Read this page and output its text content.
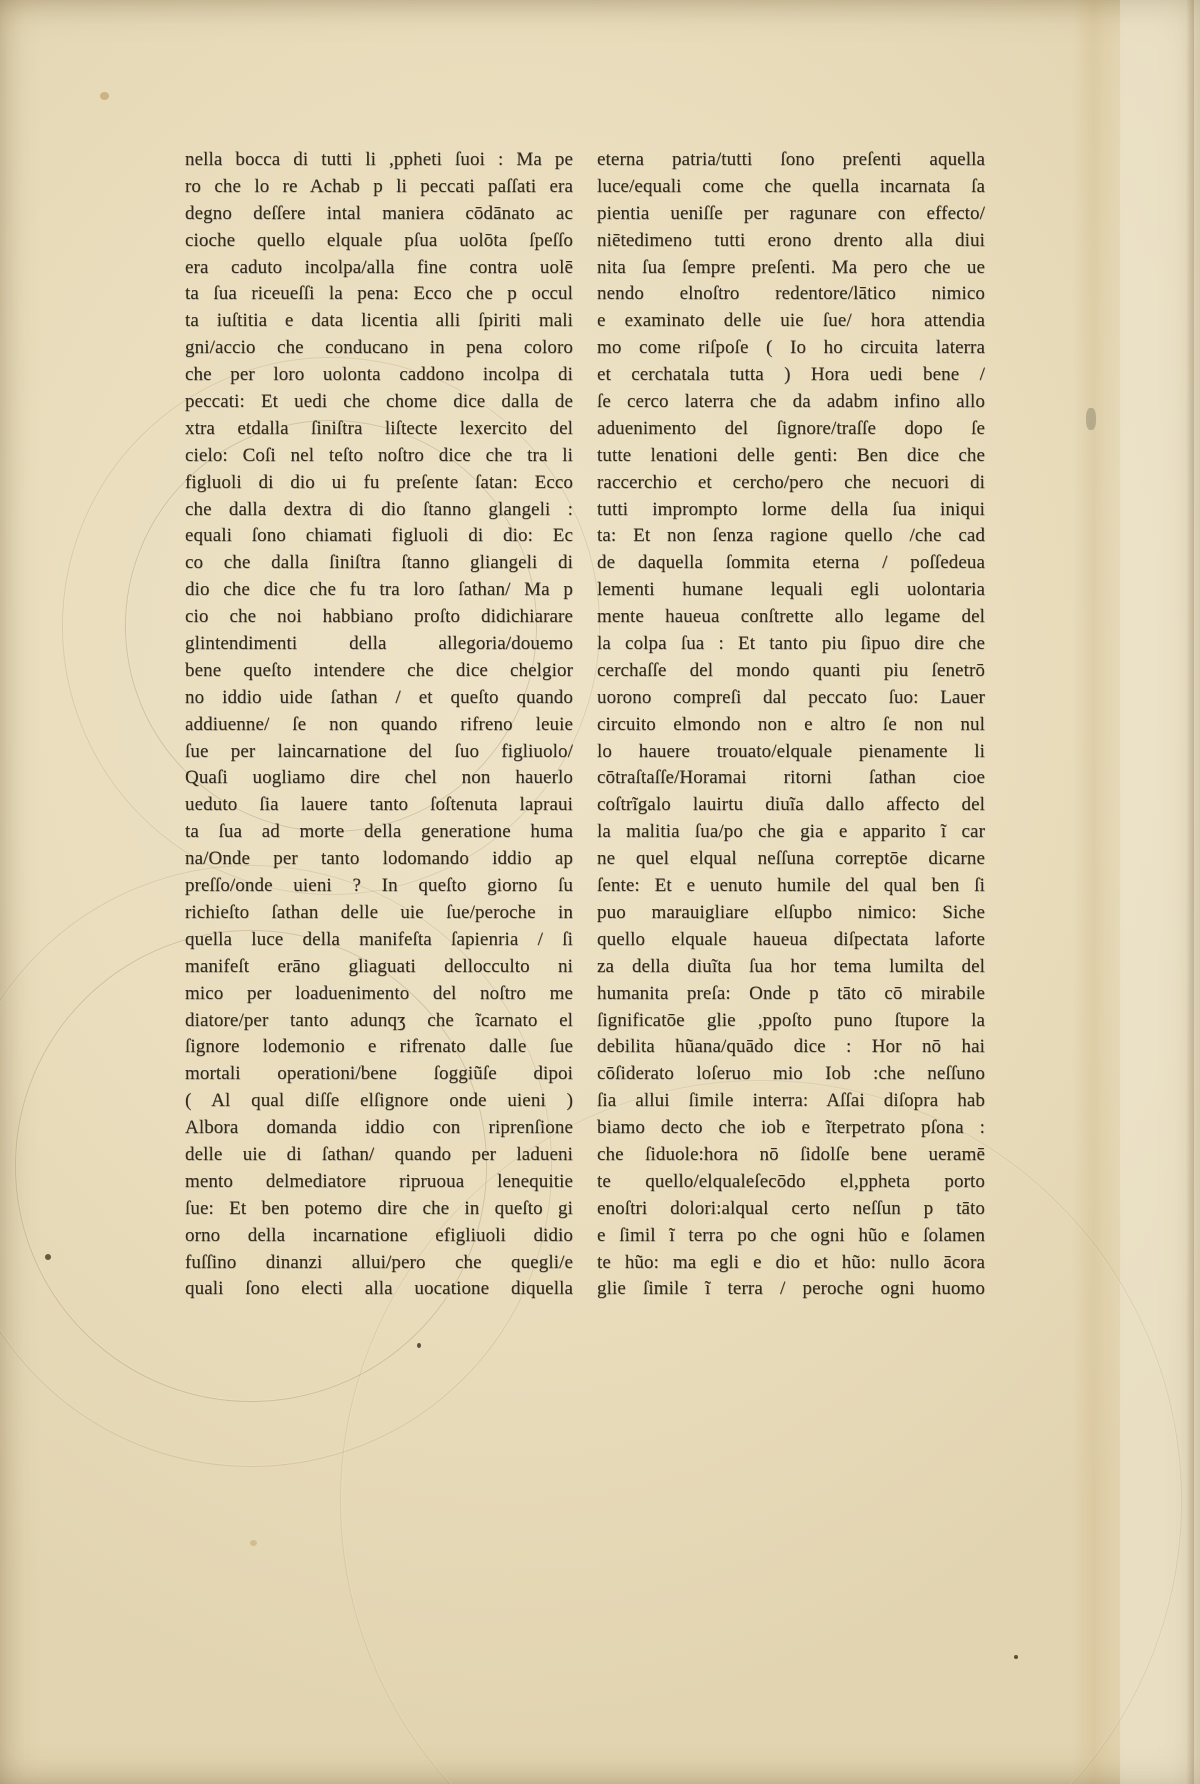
nella bocca di tutti li ,ppheti ſuoi : Ma pe
ro che lo re Achab p li peccati paſſati era
degno deſſere intal maniera cōdānato ac
cioche quello elquale pſua uolōta ſpeſſo
era caduto incolpa/alla fine contra uolē
ta ſua riceueſſi la pena: Ecco che p occul
ta iuſtitia e data licentia alli ſpiriti mali
gni/accio che conducano in pena coloro
che per loro uolonta caddono incolpa di
peccati: Et uedi che chome dice dalla de
xtra etdalla ſiniſtra liſtecte lexercito del
cielo: Coſi nel teſto noſtro dice che tra li
figluoli di dio ui fu preſente ſatan: Ecco
che dalla dextra di dio ſtanno glangeli :
equali ſono chiamati figluoli di dio: Ec
co che dalla ſiniſtra ſtanno gliangeli di
dio che dice che fu tra loro ſathan/ Ma p
cio che noi habbiano proſto didichiarare
glintendimenti della allegoria/douemo
bene queſto intendere che dice chelgior
no iddio uide ſathan / et queſto quando
addiuenne/ ſe non quando rifreno leuie
ſue per laincarnatione del ſuo figliuolo/
Quaſi uogliamo dire chel non hauerlo
ueduto ſia lauere tanto ſoſtenuta lapraui
ta ſua ad morte della generatione huma
na/Onde per tanto lodomando iddio ap
preſſo/onde uieni ? In queſto giorno ſu
richieſto ſathan delle uie ſue/peroche in
quella luce della manifeſta ſapienria / ſi
manifeſt erāno gliaguati dellocculto ni
mico per loaduenimento del noſtro me
diatore/per tanto adunqʒ che ĩcarnato el
ſignore lodemonio e rifrenato dalle ſue
mortali operationi/bene ſoggiũſe dipoi
( Al qual diſſe elſignore onde uieni )
Albora domanda iddio con riprenſione
delle uie di ſathan/ quando per ladueni
mento delmediatore ripruoua lenequitie
ſue: Et ben potemo dire che in queſto gi
orno della incarnatione efigliuoli didio
fuſſino dinanzi allui/pero che quegli/e
quali ſono electi alla uocatione diquella
eterna patria/tutti ſono preſenti aquella
luce/equali come che quella incarnata ſa
pientia ueniſſe per ragunare con effecto/
niētedimeno tutti erono drento alla diui
nita ſua ſempre preſenti. Ma pero che ue
nendo elnoſtro redentore/lātico nimico
e examinato delle uie ſue/ hora attendia
mo come riſpoſe ( Io ho circuita laterra
et cerchatala tutta ) Hora uedi bene /
ſe cerco laterra che da adabm infino allo
aduenimento del ſignore/traſſe dopo ſe
tutte lenationi delle genti: Ben dice che
raccerchio et cercho/pero che necuori di
tutti imprompto lorme della ſua iniqui
ta: Et non ſenza ragione quello /che cad
de daquella ſommita eterna / poſſedeua
lementi humane lequali egli uolontaria
mente haueua conſtrette allo legame del
la colpa ſua : Et tanto piu ſipuo dire che
cerchaſſe del mondo quanti piu ſenetrō
uorono compreſi dal peccato ſuo: Lauer
circuito elmondo non e altro ſe non nul
lo hauere trouato/elquale pienamente li
cōtraſtaſſe/Horamai ritorni ſathan cioe
coſtrĩgalo lauirtu diuĩa dallo affecto del
la malitia ſua/po che gia e apparito ĩ car
ne quel elqual neſſuna correptōe dicarne
ſente: Et e uenuto humile del qual ben ſi
puo marauigliare elſupbo nimico: Siche
quello elquale haueua diſpectata laforte
za della diuĩta ſua hor tema lumilta del
humanita preſa: Onde p tāto cō mirabile
ſignificatōe glie ,ppoſto puno ſtupore la
debilita hũana/quādo dice : Hor nō hai
cōſiderato loſeruo mio Iob :che neſſuno
ſia allui ſimile interra: Aſſai diſopra hab
biamo decto che iob e ĩterpetrato pſona :
che ſiduole:hora nō ſidolſe bene ueramē
te quello/elqualeſecōdo el,ppheta porto
enoſtri dolori:alqual certo neſſun p tāto
e ſimil ĩ terra po che ogni hũo e ſolamen
te hũo: ma egli e dio et hũo: nullo ācora
glie ſimile ĩ terra / peroche ogni huomo
